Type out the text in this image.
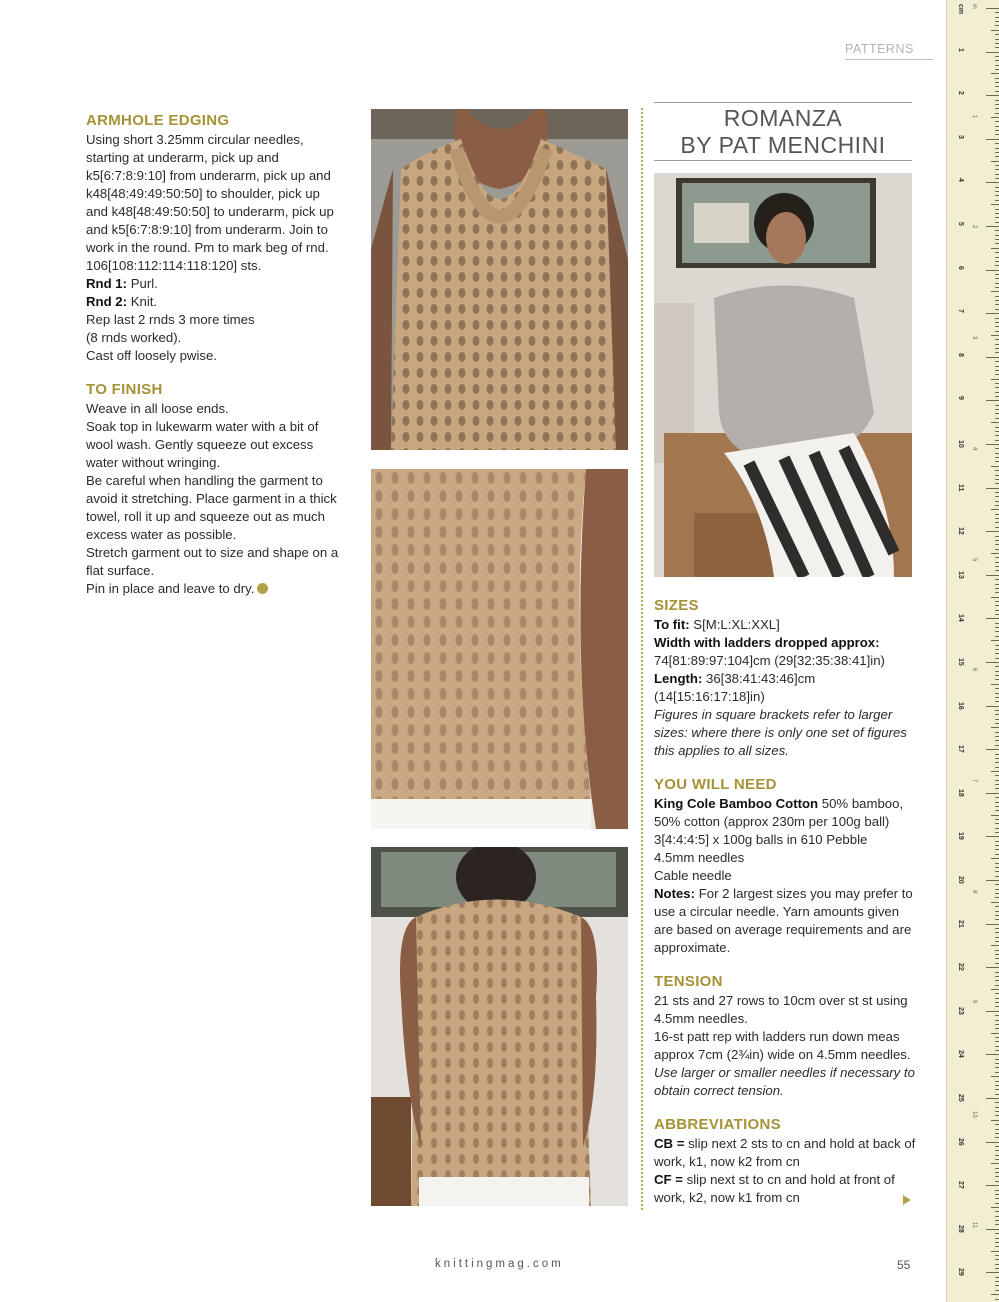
PATTERNS
ARMHOLE EDGING

Using short 3.25mm circular needles, starting at underarm, pick up and k5[6:7:8:9:10] from underarm, pick up and k48[48:49:49:50:50] to shoulder, pick up and k48[48:49:50:50] to underarm, pick up and k5[6:7:8:9:10] from underarm. Join to work in the round. Pm to mark beg of rnd. 106[108:112:114:118:120] sts.

Rnd 1: Purl.

Rnd 2: Knit.

Rep last 2 rnds 3 more times

(8 rnds worked).

Cast off loosely pwise.

TO FINISH

Weave in all loose ends.

Soak top in lukewarm water with a bit of wool wash. Gently squeeze out excess water without wringing.

Be careful when handling the garment to avoid it stretching. Place garment in a thick towel, roll it up and squeeze out as much excess water as possible.

Stretch garment out to size and shape on a flat surface.

Pin in place and leave to dry.

ROMANZA
BY PAT MENCHINI
SIZES

To fit: S[M:L:XL:XXL]

Width with ladders dropped approx:

74[81:89:97:104]cm (29[32:35:38:41]in)

Length: 36[38:41:43:46]cm (14[15:16:17:18]in)

Figures in square brackets refer to larger sizes: where there is only one set of figures this applies to all sizes.

YOU WILL NEED

King Cole Bamboo Cotton 50% bamboo, 50% cotton (approx 230m per 100g ball)

3[4:4:4:5] x 100g balls in 610 Pebble

4.5mm needles

Cable needle

Notes: For 2 largest sizes you may prefer to use a circular needle. Yarn amounts given are based on average requirements and are approximate.

TENSION

21 sts and 27 rows to 10cm over st st using 4.5mm needles.

16-st patt rep with ladders run down meas approx 7cm (2¾in) wide on 4.5mm needles.

Use larger or smaller needles if necessary to obtain correct tension.

ABBREVIATIONS

CB = slip next 2 sts to cn and hold at back of work, k1, now k2 from cn

CF = slip next st to cn and hold at front of work, k2, now k1 from cn

knittingmag.com	55
cm
1
2
3
4
5
6
7
8
9
10
11
12
13
14
15
16
17
18
19
20
21
22
23
24
25
26
27
28
29
in
1
2
3
4
5
6
7
8
9
10
11
